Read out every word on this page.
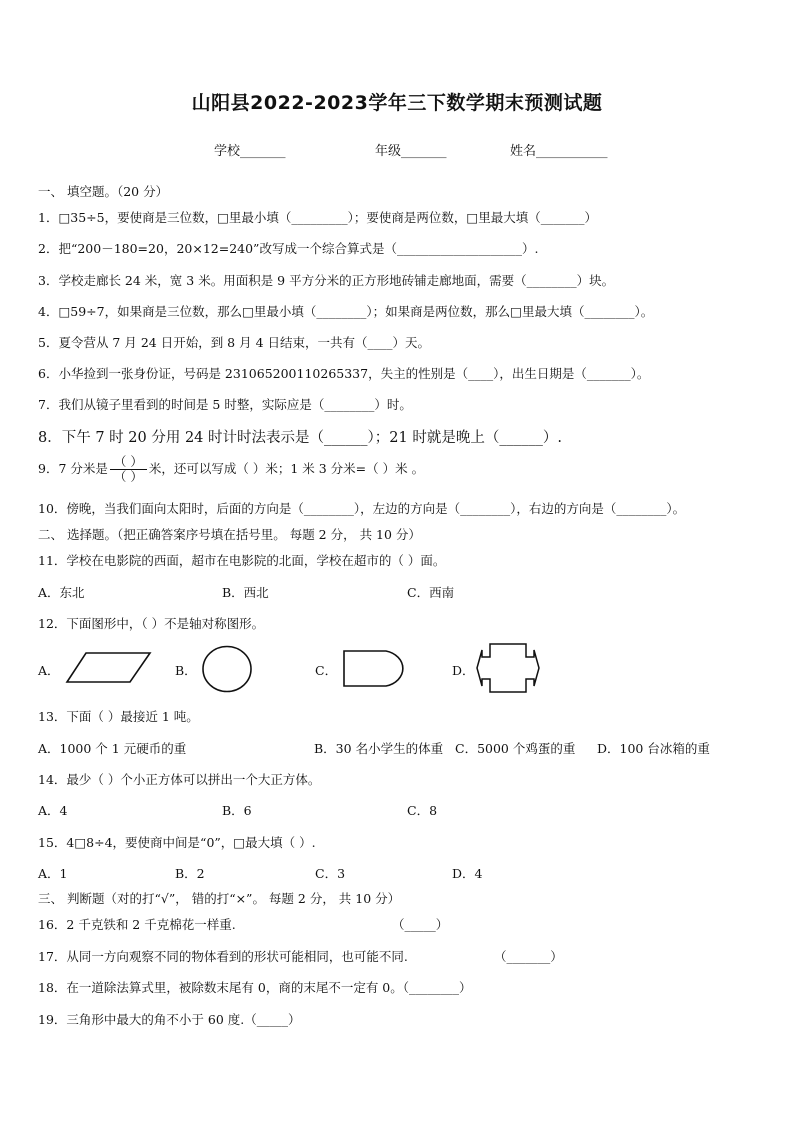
山阳县2022-2023学年三下数学期末预测试题
学校_______	年级_______	姓名___________
一、 填空题。（20 分）
1．□35÷5，要使商是三位数，□里最小填（_________）；要使商是两位数，□里最大填（_______）
2．把“200－180=20，20×12=240”改写成一个综合算式是（____________________）.
3．学校走廊长 24 米，宽 3 米。用面积是 9 平方分米的正方形地砖铺走廊地面，需要（________）块。
4．□59÷7，如果商是三位数，那么□里最小填（________）；如果商是两位数，那么□里最大填（________）。
5．夏令营从 7 月 24 日开始，到 8 月 4 日结束，一共有（____）天。
6．小华捡到一张身份证，号码是 231065200110265337，失主的性别是（____），出生日期是（_______）。
7．我们从镜子里看到的时间是 5 时整，实际应是（________）时。
8．下午 7 时 20 分用 24 时计时法表示是（______）；21 时就是晚上（______）.
9．7 分米是 $\frac{( )}{( )}$ 米，还可以写成（ ）米；1 米 3 分米=（ ）米 。
10．傍晚，当我们面向太阳时，后面的方向是（________），左边的方向是（________），右边的方向是（________）。
二、 选择题。（把正确答案序号填在括号里。 每题 2 分， 共 10 分）
11．学校在电影院的西面，超市在电影院的北面，学校在超市的（ ）面。
A．东北	B．西北	C．西南
12．下面图形中，（ ）不是轴对称图形。
A．	B．	C．	D．
13．下面（ ）最接近 1 吨。
A．1000 个 1 元硬币的重	B．30 名小学生的体重 C．5000 个鸡蛋的重 D．100 台冰箱的重
14．最少（ ）个小正方体可以拼出一个大正方体。
A．4	B．6	C．8
15．4□8÷4，要使商中间是“0”，□最大填（ ）.
A．1	B．2	C．3	D．4
三、 判断题（对的打“√”， 错的打“×”。 每题 2 分， 共 10 分）
16．2 千克铁和 2 千克棉花一样重.	（_____）
17．从同一方向观察不同的物体看到的形状可能相同，也可能不同.	（_______）
18．在一道除法算式里，被除数末尾有 0，商的末尾不一定有 0。（________）
19．三角形中最大的角不小于 60 度.（_____）
